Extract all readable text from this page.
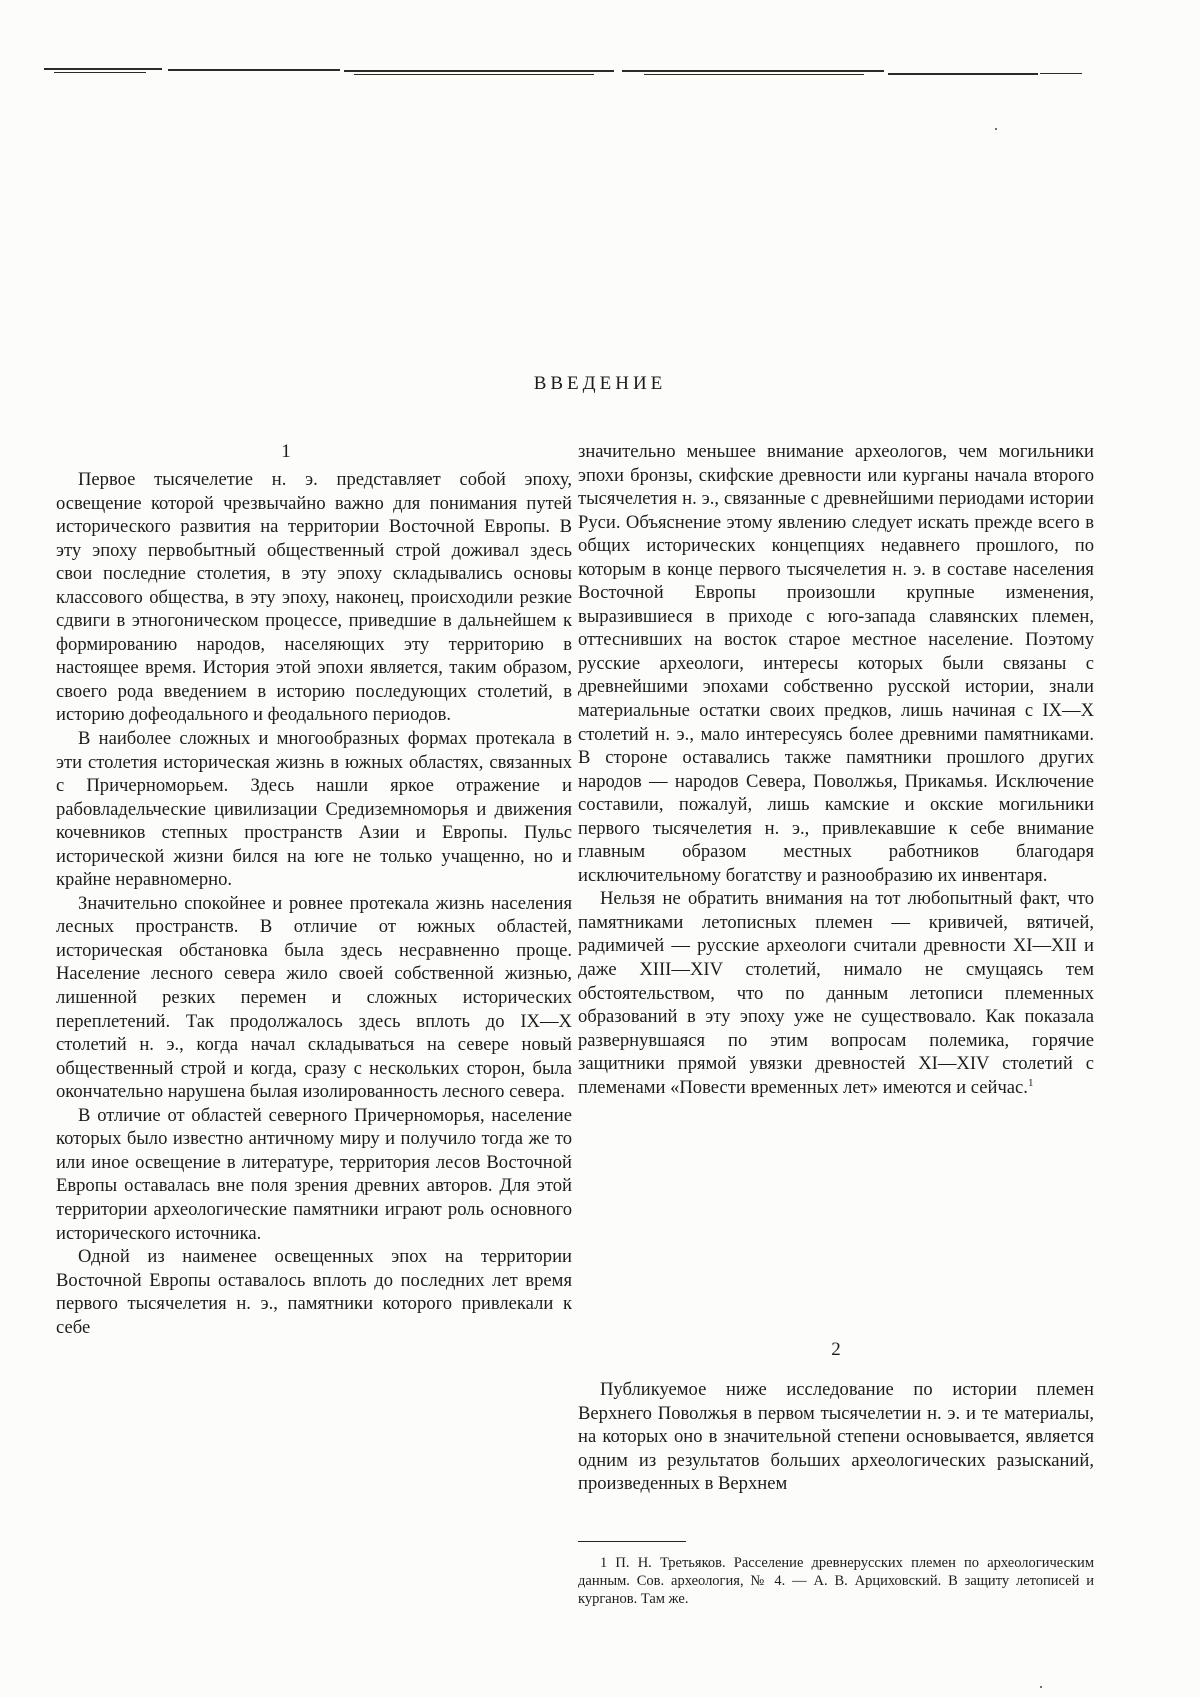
ВВЕДЕНИЕ
1

Первое тысячелетие н. э. представляет собой эпоху, освещение которой чрезвычайно важно для понимания путей исторического развития на территории Восточной Европы. В эту эпоху первобытный общественный строй доживал здесь свои последние столетия, в эту эпоху складывались основы классового общества, в эту эпоху, наконец, происходили резкие сдвиги в этногоническом процессе, приведшие в дальнейшем к формированию народов, населяющих эту территорию в настоящее время. История этой эпохи является, таким образом, своего рода введением в историю последующих столетий, в историю дофеодального и феодального периодов.

В наиболее сложных и многообразных формах протекала в эти столетия историческая жизнь в южных областях, связанных с Причерноморьем. Здесь нашли яркое отражение и рабовладельческие цивилизации Средиземноморья и движения кочевников степных пространств Азии и Европы. Пульс исторической жизни бился на юге не только учащенно, но и крайне неравномерно.

Значительно спокойнее и ровнее протекала жизнь населения лесных пространств. В отличие от южных областей, историческая обстановка была здесь несравненно проще. Население лесного севера жило своей собственной жизнью, лишенной резких перемен и сложных исторических переплетений. Так продолжалось здесь вплоть до IX—X столетий н. э., когда начал складываться на севере новый общественный строй и когда, сразу с нескольких сторон, была окончательно нарушена былая изолированность лесного севера.

В отличие от областей северного Причерноморья, население которых было известно античному миру и получило тогда же то или иное освещение в литературе, территория лесов Восточной Европы оставалась вне поля зрения древних авторов. Для этой территории археологические памятники играют роль основного исторического источника.

Одной из наименее освещенных эпох на территории Восточной Европы оставалось вплоть до последних лет время первого тысячелетия н. э., памятники которого привлекали к себе

значительно меньшее внимание археологов, чем могильники эпохи бронзы, скифские древности или курганы начала второго тысячелетия н. э., связанные с древнейшими периодами истории Руси. Объяснение этому явлению следует искать прежде всего в общих исторических концепциях недавнего прошлого, по которым в конце первого тысячелетия н. э. в составе населения Восточной Европы произошли крупные изменения, выразившиеся в приходе с юго-запада славянских племен, оттеснивших на восток старое местное население. Поэтому русские археологи, интересы которых были связаны с древнейшими эпохами собственно русской истории, знали материальные остатки своих предков, лишь начиная с IX—X столетий н. э., мало интересуясь более древними памятниками. В стороне оставались также памятники прошлого других народов — народов Севера, Поволжья, Прикамья. Исключение составили, пожалуй, лишь камские и окские могильники первого тысячелетия н. э., привлекавшие к себе внимание главным образом местных работников благодаря исключительному богатству и разнообразию их инвентаря.

Нельзя не обратить внимания на тот любопытный факт, что памятниками летописных племен — кривичей, вятичей, радимичей — русские археологи считали древности XI—XII и даже XIII—XIV столетий, нимало не смущаясь тем обстоятельством, что по данным летописи племенных образований в эту эпоху уже не существовало. Как показала развернувшаяся по этим вопросам полемика, горячие защитники прямой увязки древностей XI—XIV столетий с племенами «Повести временных лет» имеются и сейчас.$^1$

2

Публикуемое ниже исследование по истории племен Верхнего Поволжья в первом тысячелетии н. э. и те материалы, на которых оно в значительной степени основывается, является одним из результатов больших археологических разысканий, произведенных в Верхнем

1 П. Н. Третьяков. Расселение древнерусских племен по археологическим данным. Сов. археология, № 4. — А. В. Арциховский. В защиту летописей и курганов. Там же.
